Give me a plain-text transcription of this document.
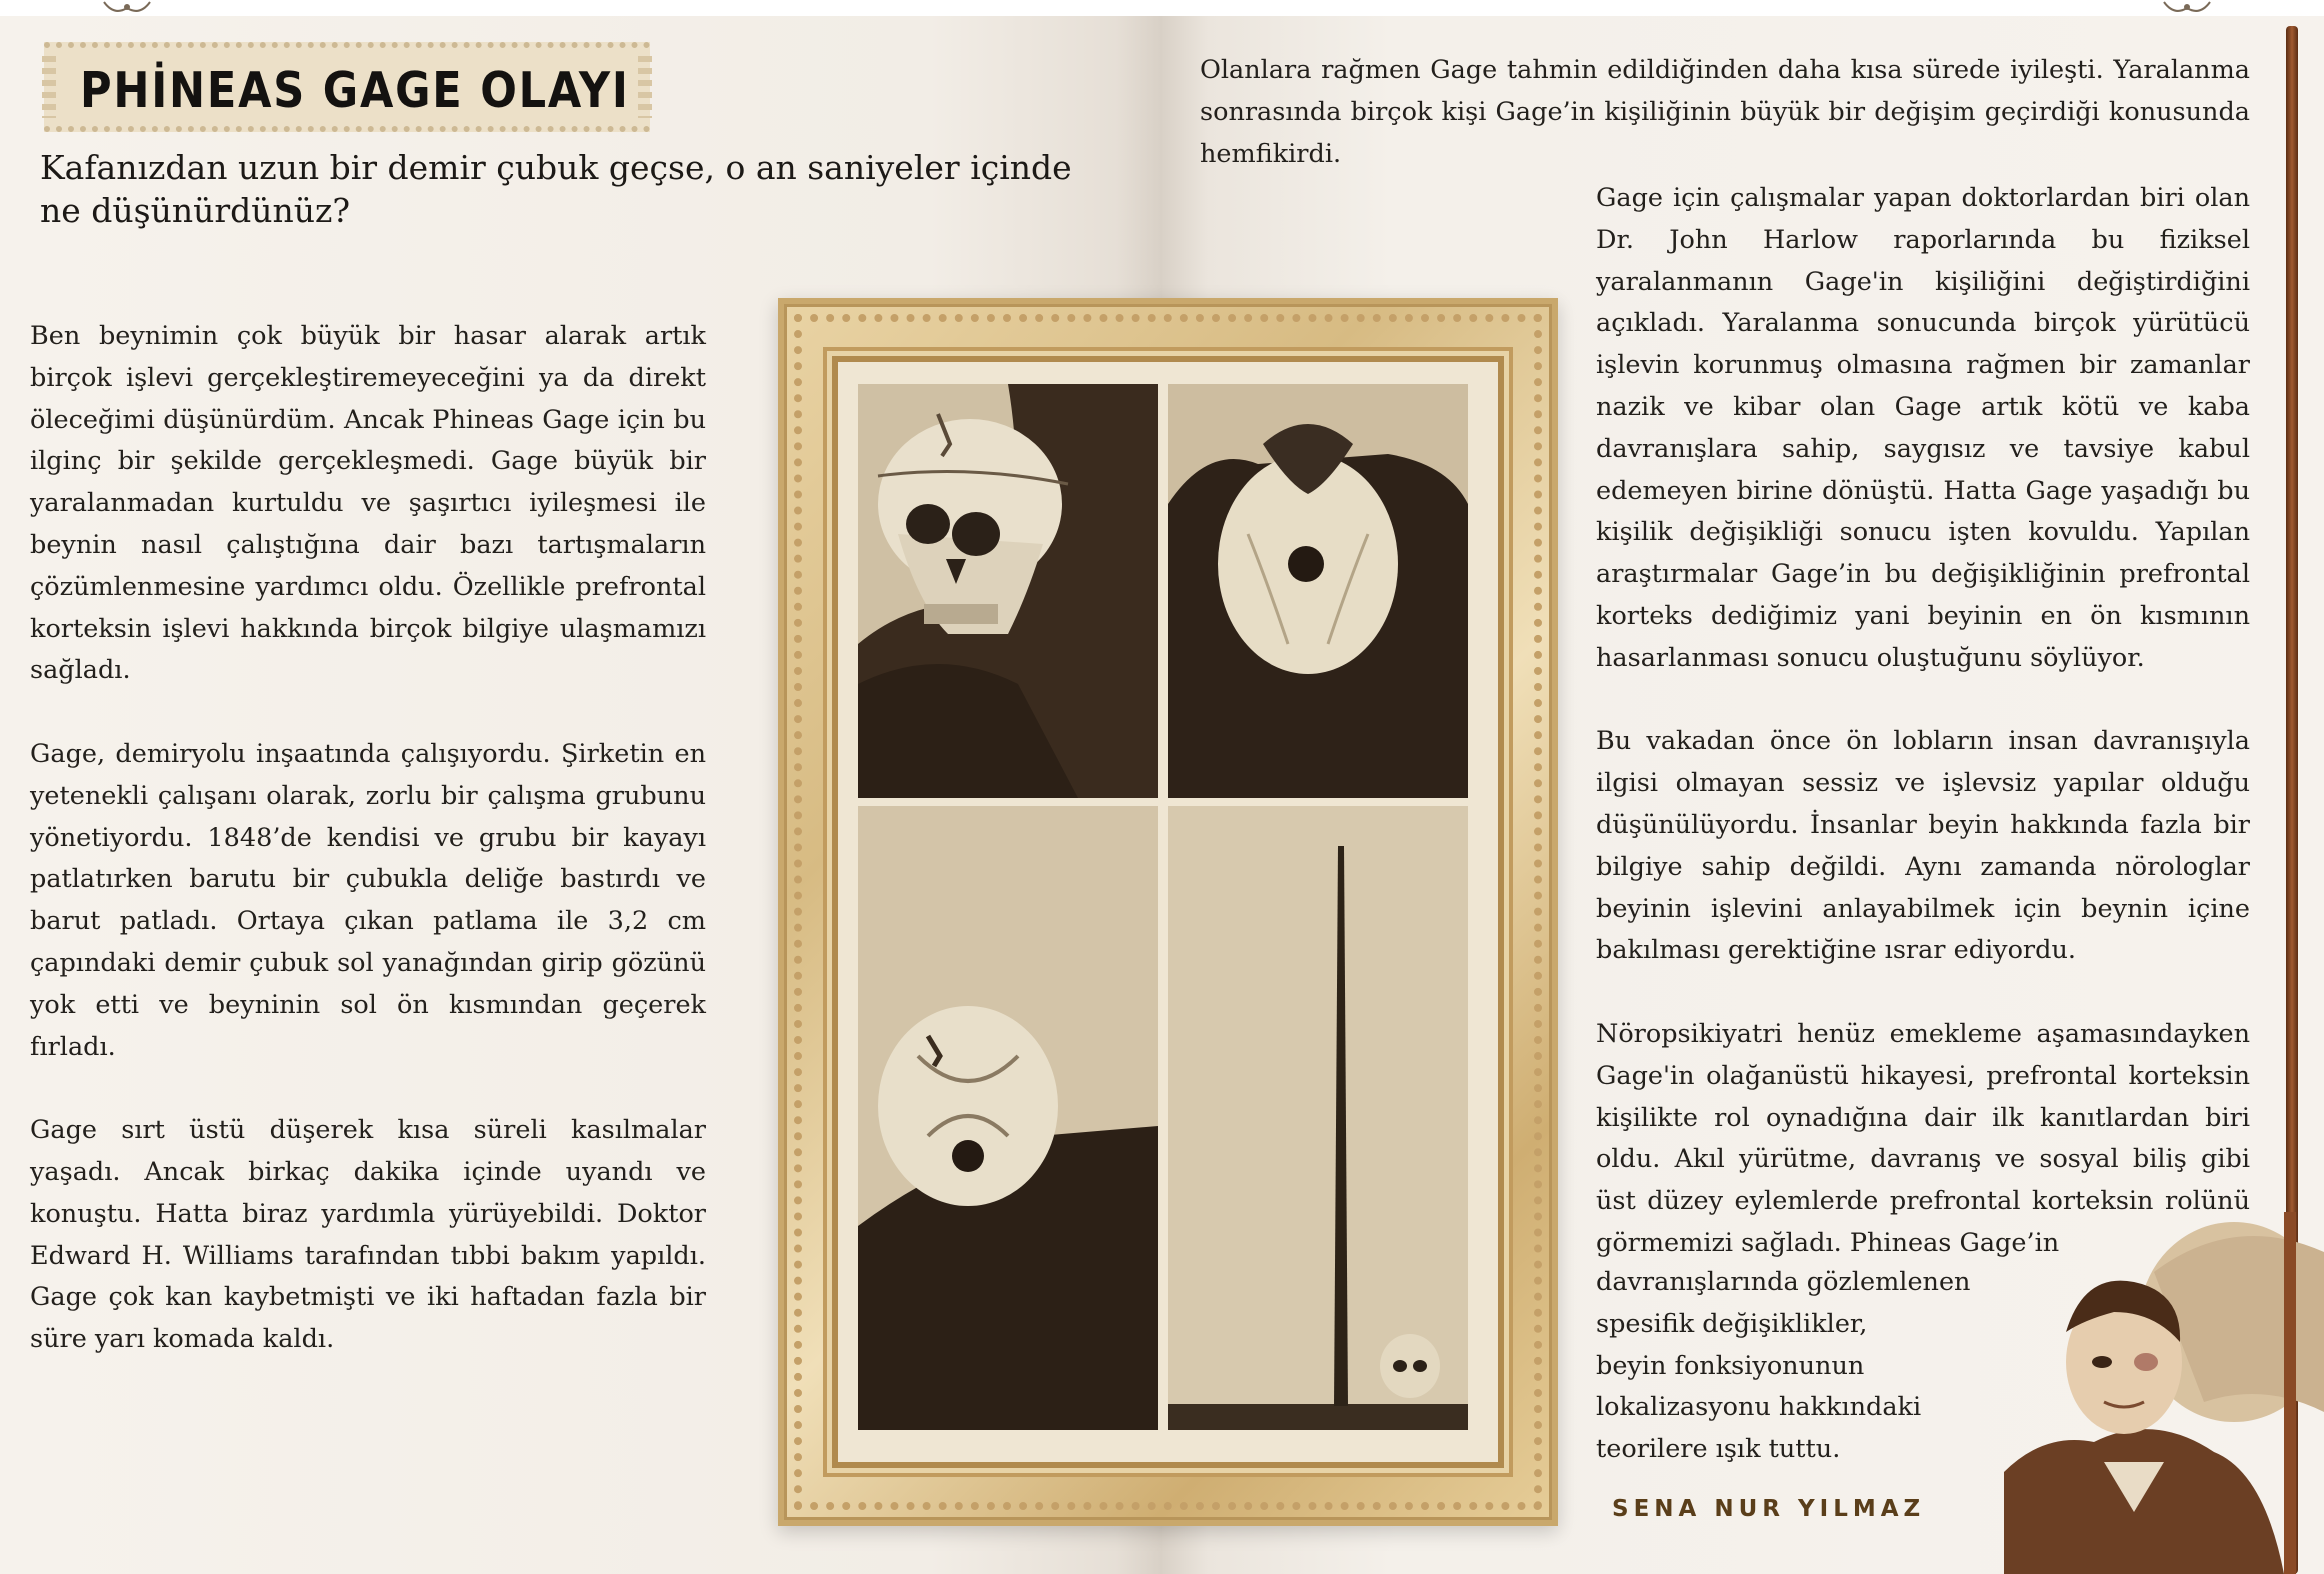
PHİNEAS GAGE OLAYI
Kafanızdan uzun bir demir çubuk geçse, o an saniyeler içinde ne düşünürdünüz?

Ben beynimin çok büyük bir hasar alarak artık birçok işlevi gerçekleştiremeyeceğini ya da direkt öleceğimi düşünürdüm. Ancak Phineas Gage için bu ilginç bir şekilde gerçekleşmedi. Gage büyük bir yaralanmadan kurtuldu ve şaşırtıcı iyileşmesi ile beynin nasıl çalıştığına dair bazı tartışmaların çözümlenmesine yardımcı oldu. Özellikle prefrontal korteksin işlevi hakkında birçok bilgiye ulaşmamızı sağladı.

Gage, demiryolu inşaatında çalışıyordu. Şirketin en yetenekli çalışanı olarak, zorlu bir çalışma grubunu yönetiyordu. 1848’de kendisi ve grubu bir kayayı patlatırken barutu bir çubukla deliğe bastırdı ve barut patladı. Ortaya çıkan patlama ile 3,2 cm çapındaki demir çubuk sol yanağından girip gözünü yok etti ve beyninin sol ön kısmından geçerek fırladı.

Gage sırt üstü düşerek kısa süreli kasılmalar yaşadı. Ancak birkaç dakika içinde uyandı ve konuştu. Hatta biraz yardımla yürüyebildi. Doktor Edward H. Williams tarafından tıbbi bakım yapıldı. Gage çok kan kaybetmişti ve iki haftadan fazla bir süre yarı komada kaldı.

Olanlara rağmen Gage tahmin edildiğinden daha kısa sürede iyileşti. Yaralanma sonrasında birçok kişi Gage’in kişiliğinin büyük bir değişim geçirdiği konusunda hemfikirdi.

Gage için çalışmalar yapan doktorlardan biri olan Dr. John Harlow raporlarında bu fiziksel yaralanmanın Gage'in kişiliğini değiştirdiğini açıkladı. Yaralanma sonucunda birçok yürütücü işlevin korunmuş olmasına rağmen bir zamanlar nazik ve kibar olan Gage artık kötü ve kaba davranışlara sahip, saygısız ve tavsiye kabul edemeyen birine dönüştü. Hatta Gage yaşadığı bu kişilik değişikliği sonucu işten kovuldu. Yapılan araştırmalar Gage’in bu değişikliğinin prefrontal korteks dediğimiz yani beyinin en ön kısmının hasarlanması sonucu oluştuğunu söylüyor.

Bu vakadan önce ön lobların insan davranışıyla ilgisi olmayan sessiz ve işlevsiz yapılar olduğu düşünülüyordu. İnsanlar beyin hakkında fazla bir bilgiye sahip değildi. Aynı zamanda nörologlar beyinin işlevini anlayabilmek için beynin içine bakılması gerektiğine ısrar ediyordu.

Nöropsikiyatri henüz emekleme aşamasındayken Gage'in olağanüstü hikayesi, prefrontal korteksin kişilikte rol oynadığına dair ilk kanıtlardan biri oldu. Akıl yürütme, davranış ve sosyal biliş gibi üst düzey eylemlerde prefrontal korteksin rolünü görmemizi sağladı. Phineas Gage’in

davranışlarında gözlemlenen
spesifik değişiklikler,
beyin fonksiyonunun
lokalizasyonu hakkındaki
teorilere ışık tuttu.
SENA NUR YILMAZ
